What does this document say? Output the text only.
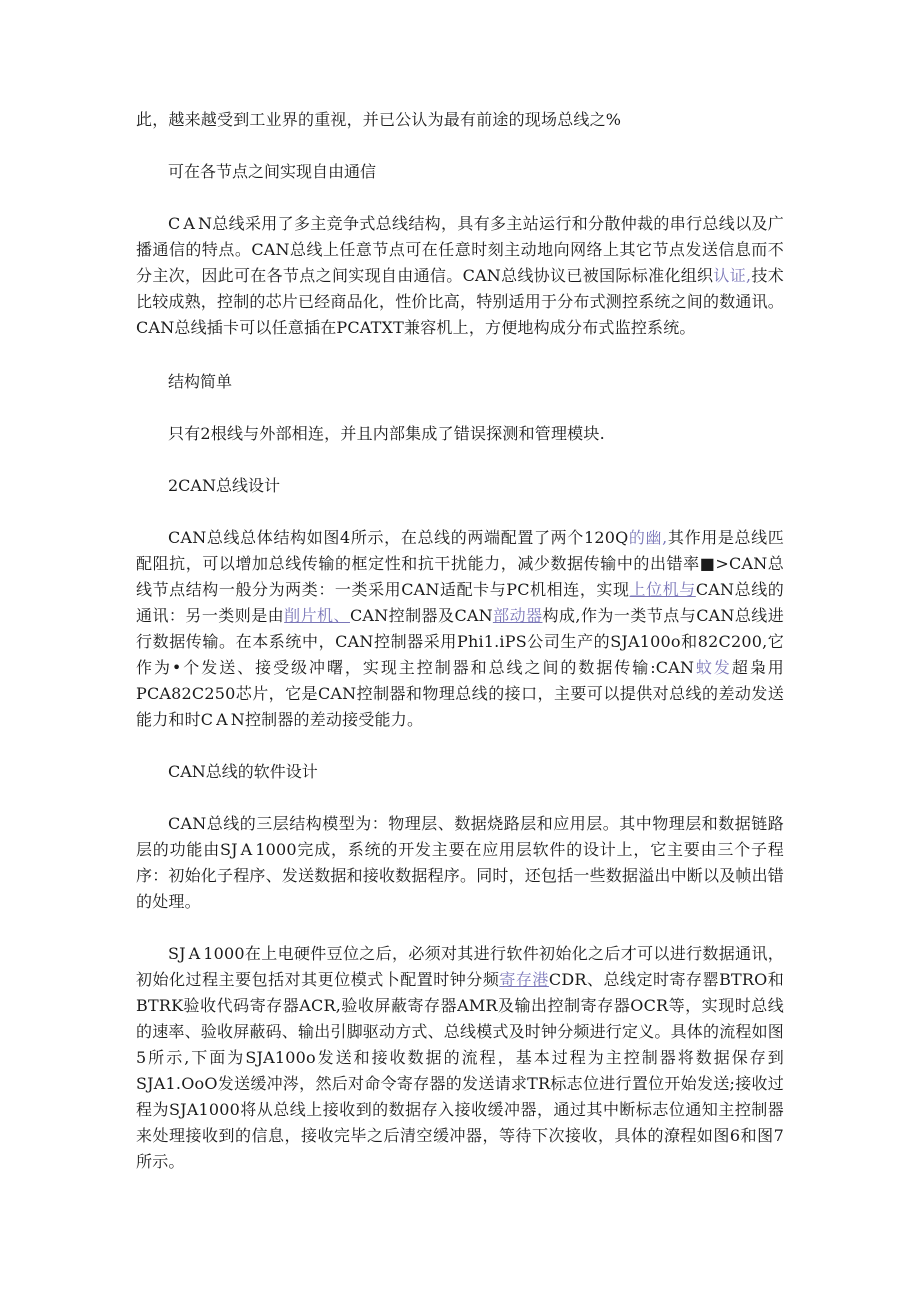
此，越来越受到工业界的重视，并已公认为最有前途的现场总线之%

可在各节点之间实现自由通信

C A N总线采用了多主竞争式总线结构，具有多主站运行和分散仲裁的串行总线以及广播通信的特点。CAN总线上任意节点可在任意时刻主动地向网络上其它节点发送信息而不分主次，因此可在各节点之间实现自由通信。CAN总线协议已被国际标准化组织认证,技术比较成熟，控制的芯片已经商品化，性价比高，特别适用于分布式测控系统之间的数通讯。CAN总线插卡可以任意插在PCATXT兼容机上，方便地构成分布式监控系统。

结构简单

只有2根线与外部相连，并且内部集成了错误探测和管理模块.

2CAN总线设计

CAN总线总体结构如图4所示，在总线的两端配置了两个120Q的幽,其作用是总线匹配阻抗，可以增加总线传输的框定性和抗干扰能力，减少数据传输中的出错率■>CAN总线节点结构一般分为两类：一类采用CAN适配卡与PC机相连，实现上位机与CAN总线的通讯：另一类则是由削片机、CAN控制器及CAN部动器构成,作为一类节点与CAN总线进行数据传输。在本系统中，CAN控制器采用Phi1.iPS公司生产的SJA100o和82C200,它作为•个发送、接受级冲曙，实现主控制器和总线之间的数据传输:CAN蚊发超枭用PCA82C250芯片，它是CAN控制器和物理总线的接口，主要可以提供对总线的差动发送能力和时C A N控制器的差动接受能力。

CAN总线的软件设计

CAN总线的三层结构模型为：物理层、数据烧路层和应用层。其中物理层和数据链路层的功能由SJ A 1000完成，系统的开发主要在应用层软件的设计上，它主要由三个子程序：初始化子程序、发送数据和接收数据程序。同时，还包括一些数据溢出中断以及帧出错的处理。

SJ A 1000在上电硬件豆位之后，必须对其进行软件初始化之后才可以进行数据通讯，初始化过程主要包括对其更位模式卜配置时钟分频寄存港CDR、总线定时寄存罂BTRO和BTRK验收代码寄存器ACR,验收屏蔽寄存器AMR及输出控制寄存器OCR等，实现时总线的速率、验收屏蔽码、输出引脚驱动方式、总线模式及时钟分频进行定义。具体的流程如图5所示,下面为SJA100o发送和接收数据的流程，基本过程为主控制器将数据保存到SJA1.OoO发送缓冲涔，然后对命令寄存器的发送请求TR标志位进行置位开始发送;接收过程为SJA1000将从总线上接收到的数据存入接收缓冲器，通过其中断标志位通知主控制器来处理接收到的信息，接收完毕之后清空缓冲器，等待下次接收，具体的潦程如图6和图7所示。
